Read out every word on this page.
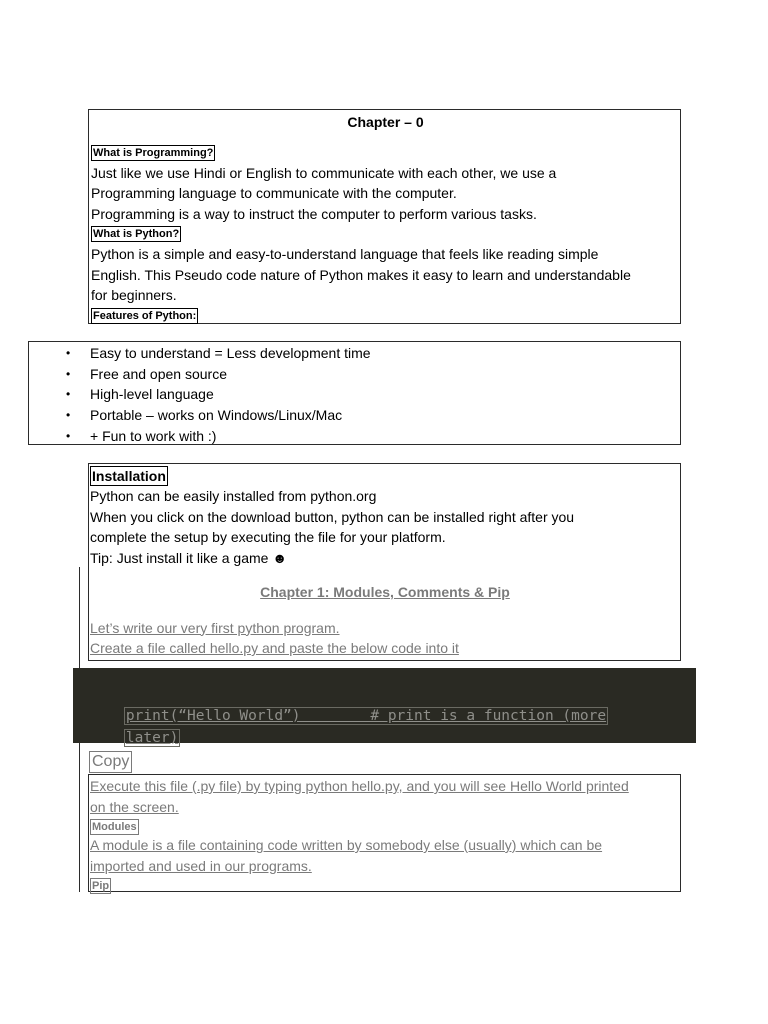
Chapter – 0

What is Programming?

Just like we use Hindi or English to communicate with each other, we use a

Programming language to communicate with the computer.

Programming is a way to instruct the computer to perform various tasks.

What is Python?

Python is a simple and easy-to-understand language that feels like reading simple

English. This Pseudo code nature of Python makes it easy to learn and understandable

for beginners.

Features of Python:
• Easy to understand = Less development time
• Free and open source
• High-level language
• Portable – works on Windows/Linux/Mac
• + Fun to work with :)
Installation

Python can be easily installed from python.org

When you click on the download button, python can be installed right after you

complete the setup by executing the file for your platform.

Tip: Just install it like a game ☻

Chapter 1: Modules, Comments & Pip

Let’s write our very first python program.

Create a file called hello.py and paste the below code into it

print(“Hello World”)        # print is a function (more

later)

Copy

Execute this file (.py file) by typing python hello.py, and you will see Hello World printed

on the screen.

Modules

A module is a file containing code written by somebody else (usually) which can be

imported and used in our programs.

Pip
